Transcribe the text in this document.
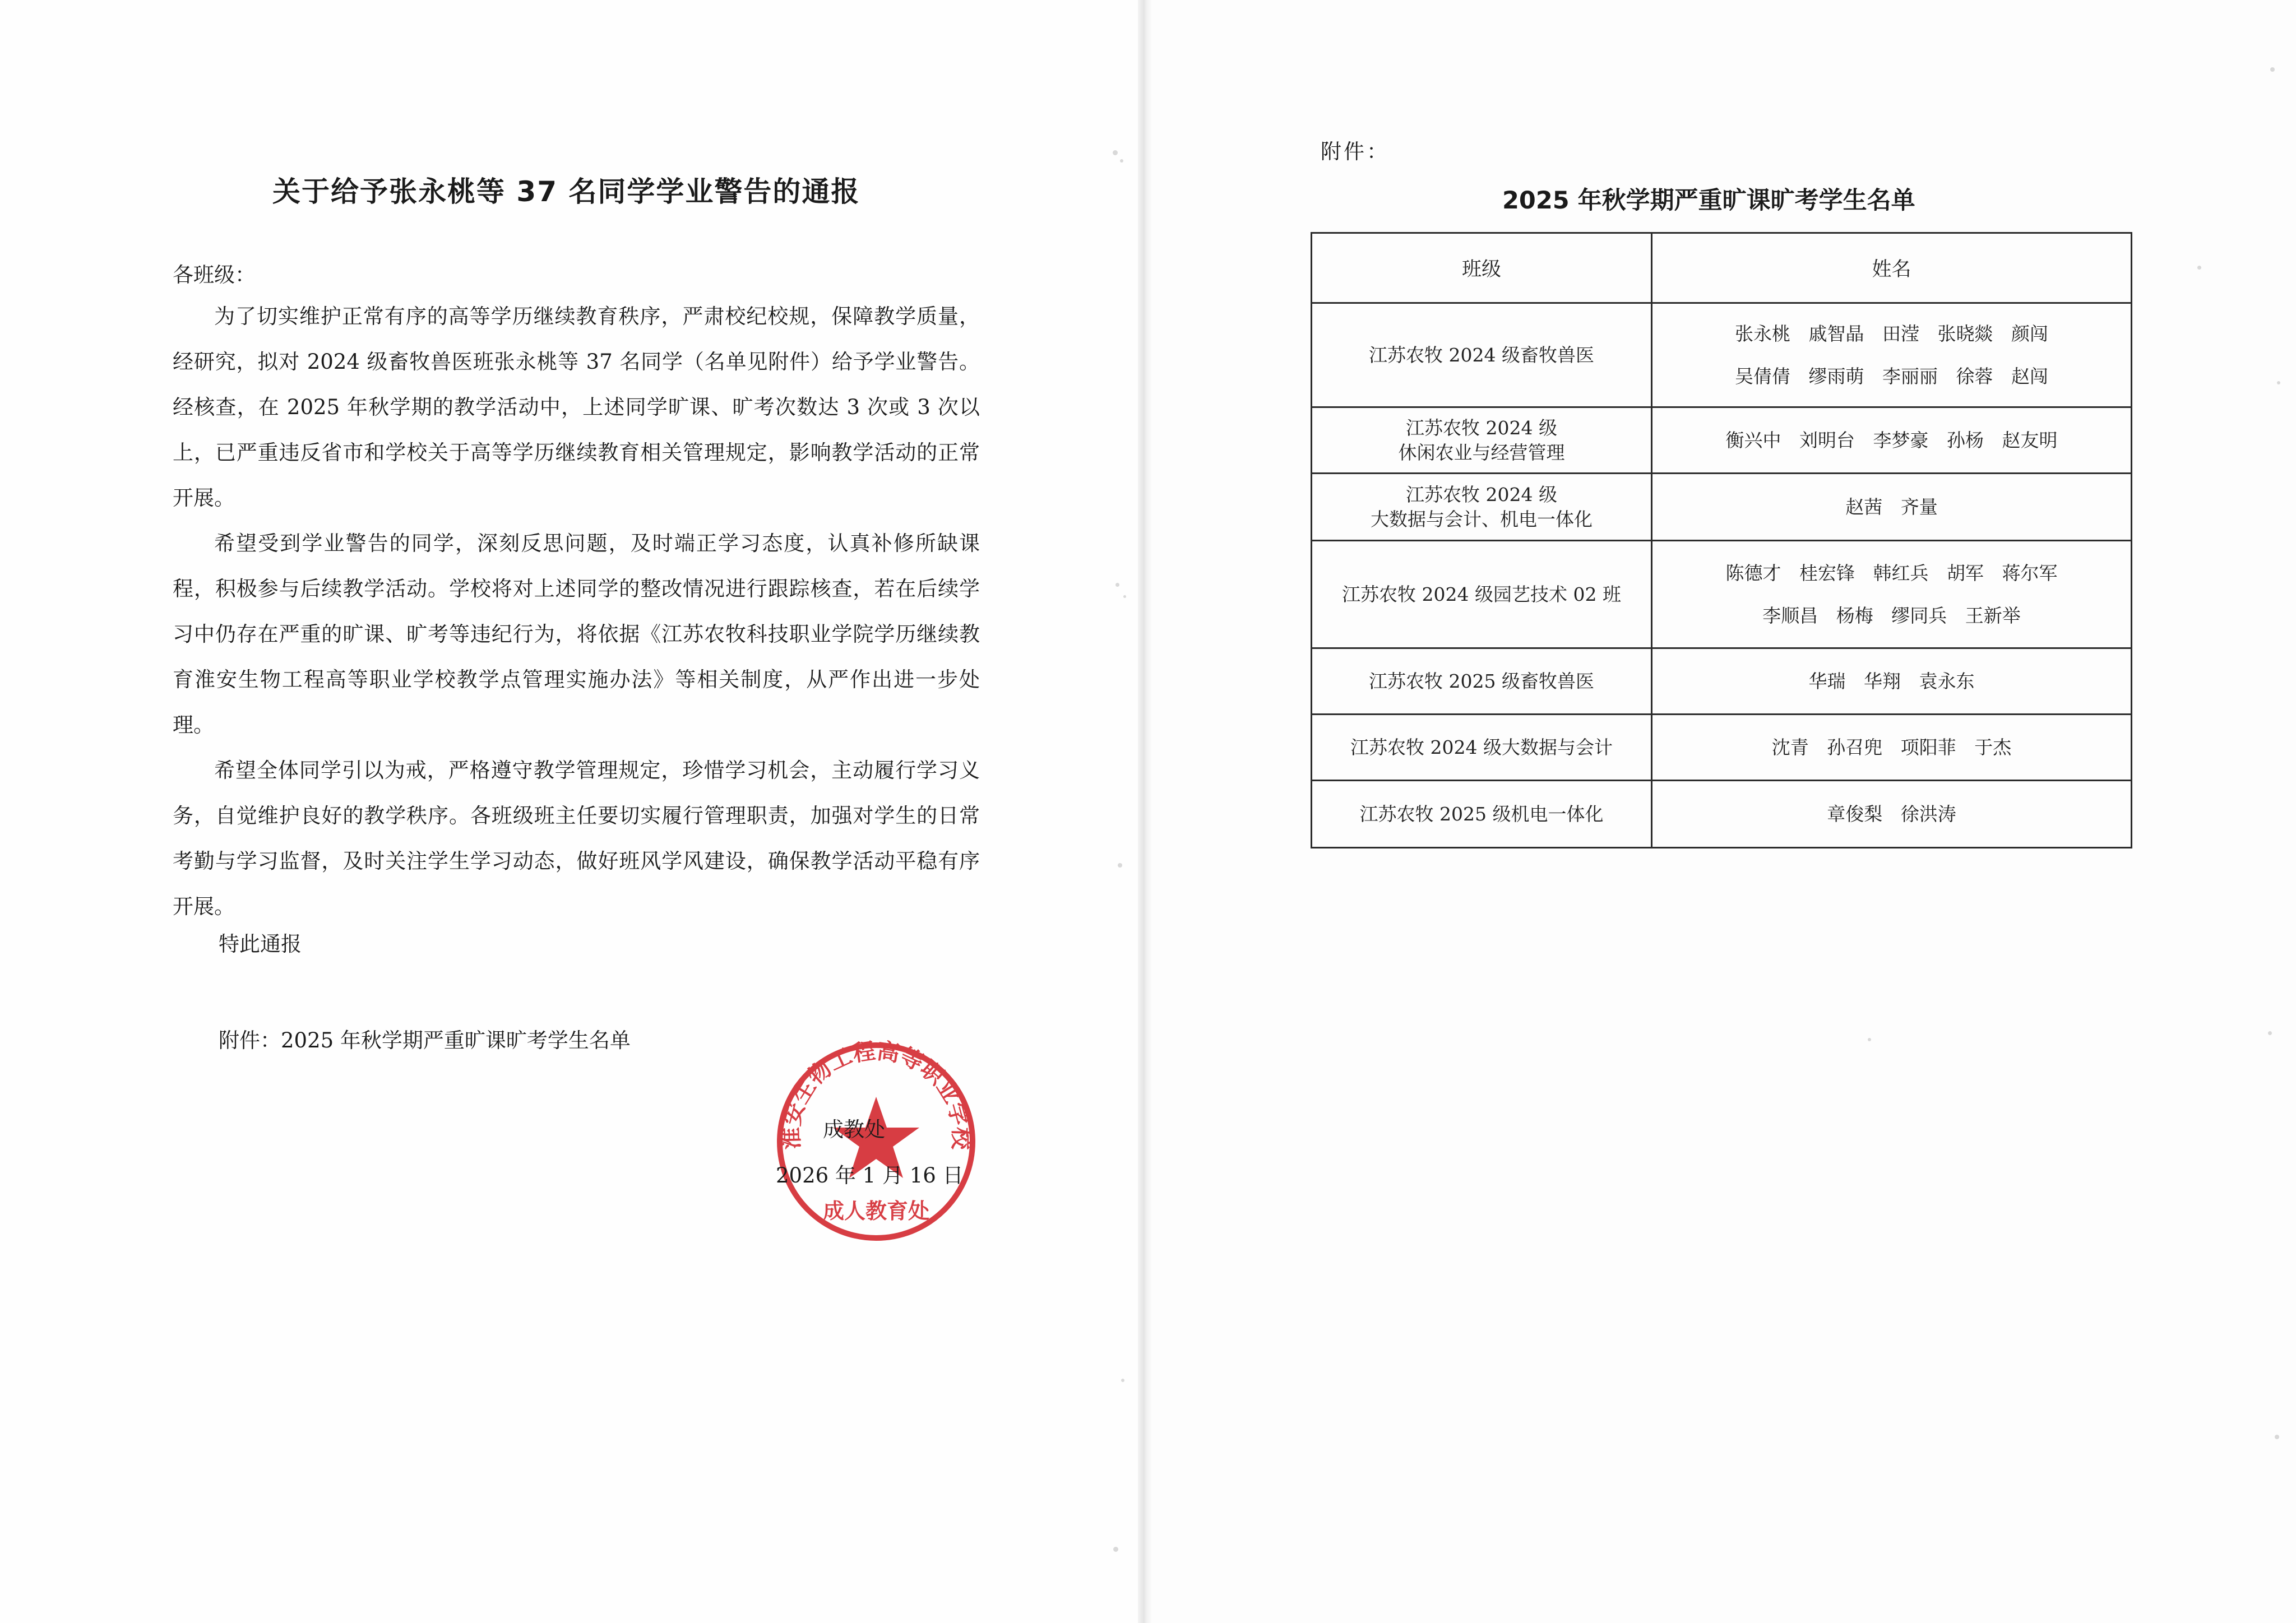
关于给予张永桃等 37 名同学学业警告的通报
各班级：

为了切实维护正常有序的高等学历继续教育秩序，严肃校纪校规，保障教学质量，经研究，拟对 2024 级畜牧兽医班张永桃等 37 名同学（名单见附件）给予学业警告。经核查，在 2025 年秋学期的教学活动中，上述同学旷课、旷考次数达 3 次或 3 次以上，已严重违反省市和学校关于高等学历继续教育相关管理规定，影响教学活动的正常开展。

希望受到学业警告的同学，深刻反思问题，及时端正学习态度，认真补修所缺课程，积极参与后续教学活动。学校将对上述同学的整改情况进行跟踪核查，若在后续学习中仍存在严重的旷课、旷考等违纪行为，将依据《江苏农牧科技职业学院学历继续教育淮安生物工程高等职业学校教学点管理实施办法》等相关制度，从严作出进一步处理。

希望全体同学引以为戒，严格遵守教学管理规定，珍惜学习机会，主动履行学习义务，自觉维护良好的教学秩序。各班级班主任要切实履行管理职责，加强对学生的日常考勤与学习监督，及时关注学生学习动态，做好班风学风建设，确保教学活动平稳有序开展。

特此通报
附件：2025 年秋学期严重旷课旷考学生名单
淮安生物工程高等职业学校
成人教育处
成教处
2026 年 1 月 16 日
附件：
2025 年秋学期严重旷课旷考学生名单
班级	姓名

江苏农牧 2024 级畜牧兽医	张永桃 戚智晶 田滢 张晓燚 颜闯
吴倩倩 缪雨萌 李丽丽 徐蓉 赵闯

江苏农牧 2024 级
休闲农业与经营管理	衡兴中 刘明台 李梦豪 孙杨 赵友明

江苏农牧 2024 级
大数据与会计、机电一体化	赵茜 齐量

江苏农牧 2024 级园艺技术 02 班	陈德才 桂宏锋 韩红兵 胡军 蒋尔军
李顺昌 杨梅 缪同兵 王新举

江苏农牧 2025 级畜牧兽医	华瑞 华翔 袁永东

江苏农牧 2024 级大数据与会计	沈青 孙召兜 项阳菲 于杰

江苏农牧 2025 级机电一体化	章俊梨 徐洪涛
